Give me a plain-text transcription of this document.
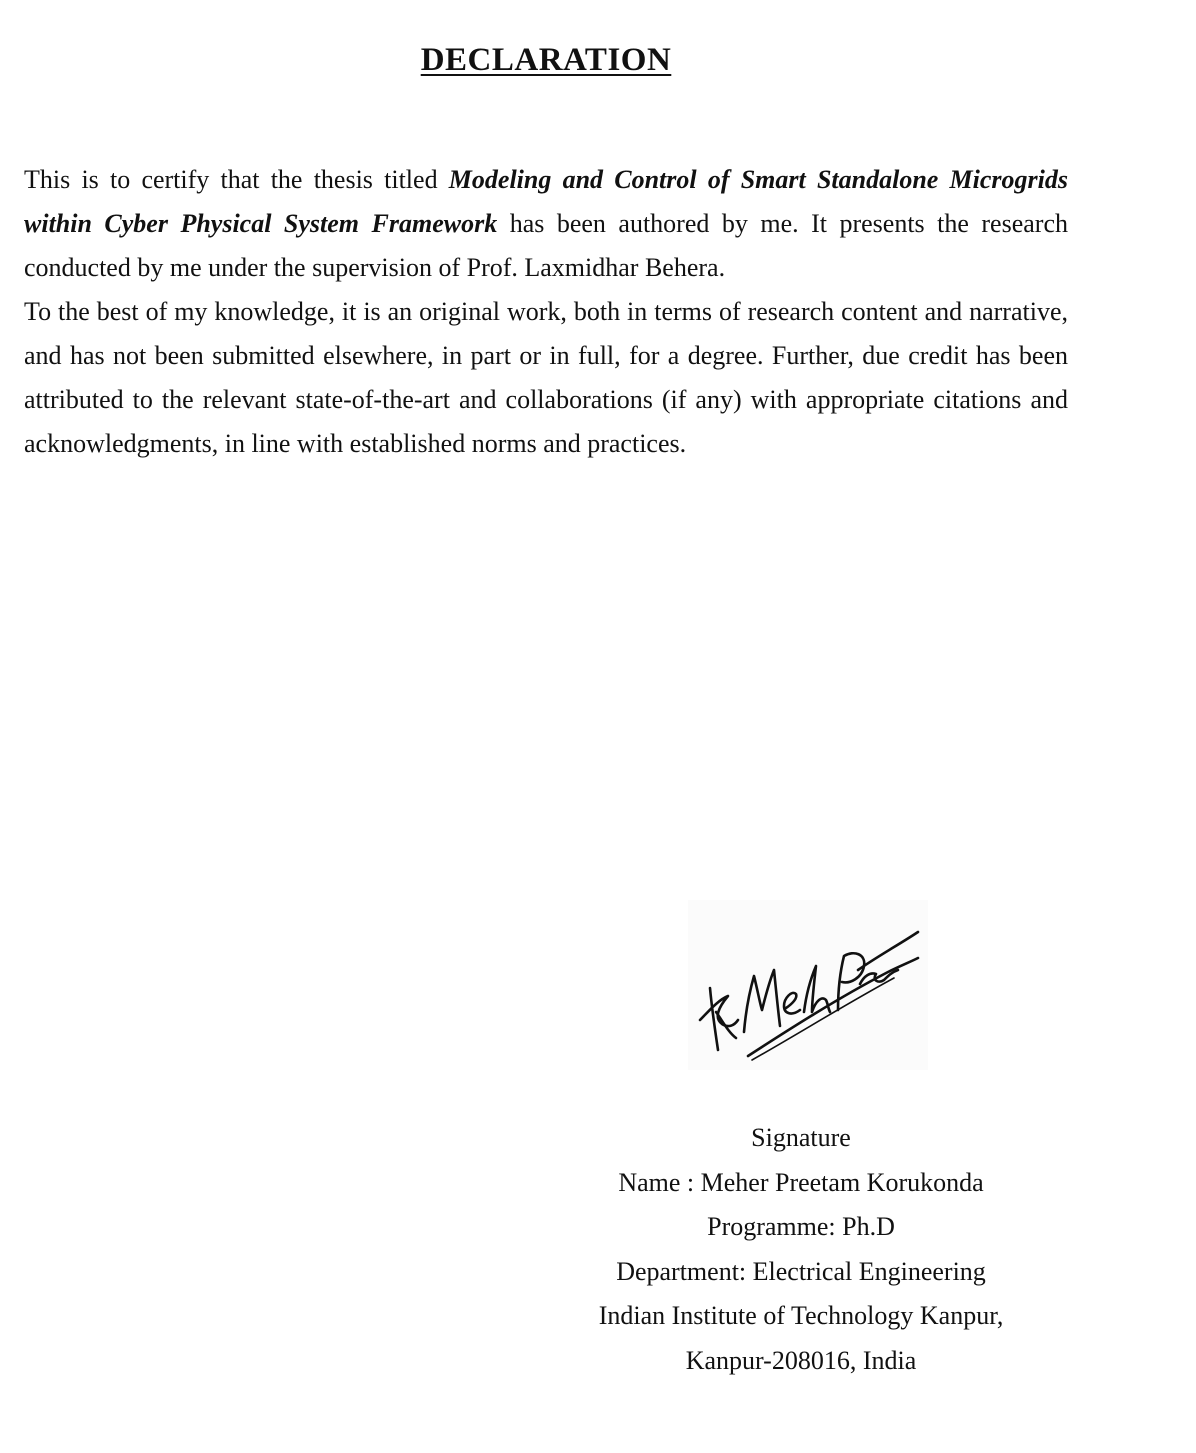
DECLARATION

This is to certify that the thesis titled Modeling and Control of Smart Standalone Microgrids within Cyber Physical System Framework has been authored by me. It presents the research conducted by me under the supervision of Prof. Laxmidhar Behera.

To the best of my knowledge, it is an original work, both in terms of research content and narrative, and has not been submitted elsewhere, in part or in full, for a degree. Further, due credit has been attributed to the relevant state-of-the-art and collaborations (if any) with appropriate citations and acknowledgments, in line with established norms and practices.

Signature
Name : Meher Preetam Korukonda
Programme: Ph.D
Department: Electrical Engineering
Indian Institute of Technology Kanpur,
Kanpur-208016, India
